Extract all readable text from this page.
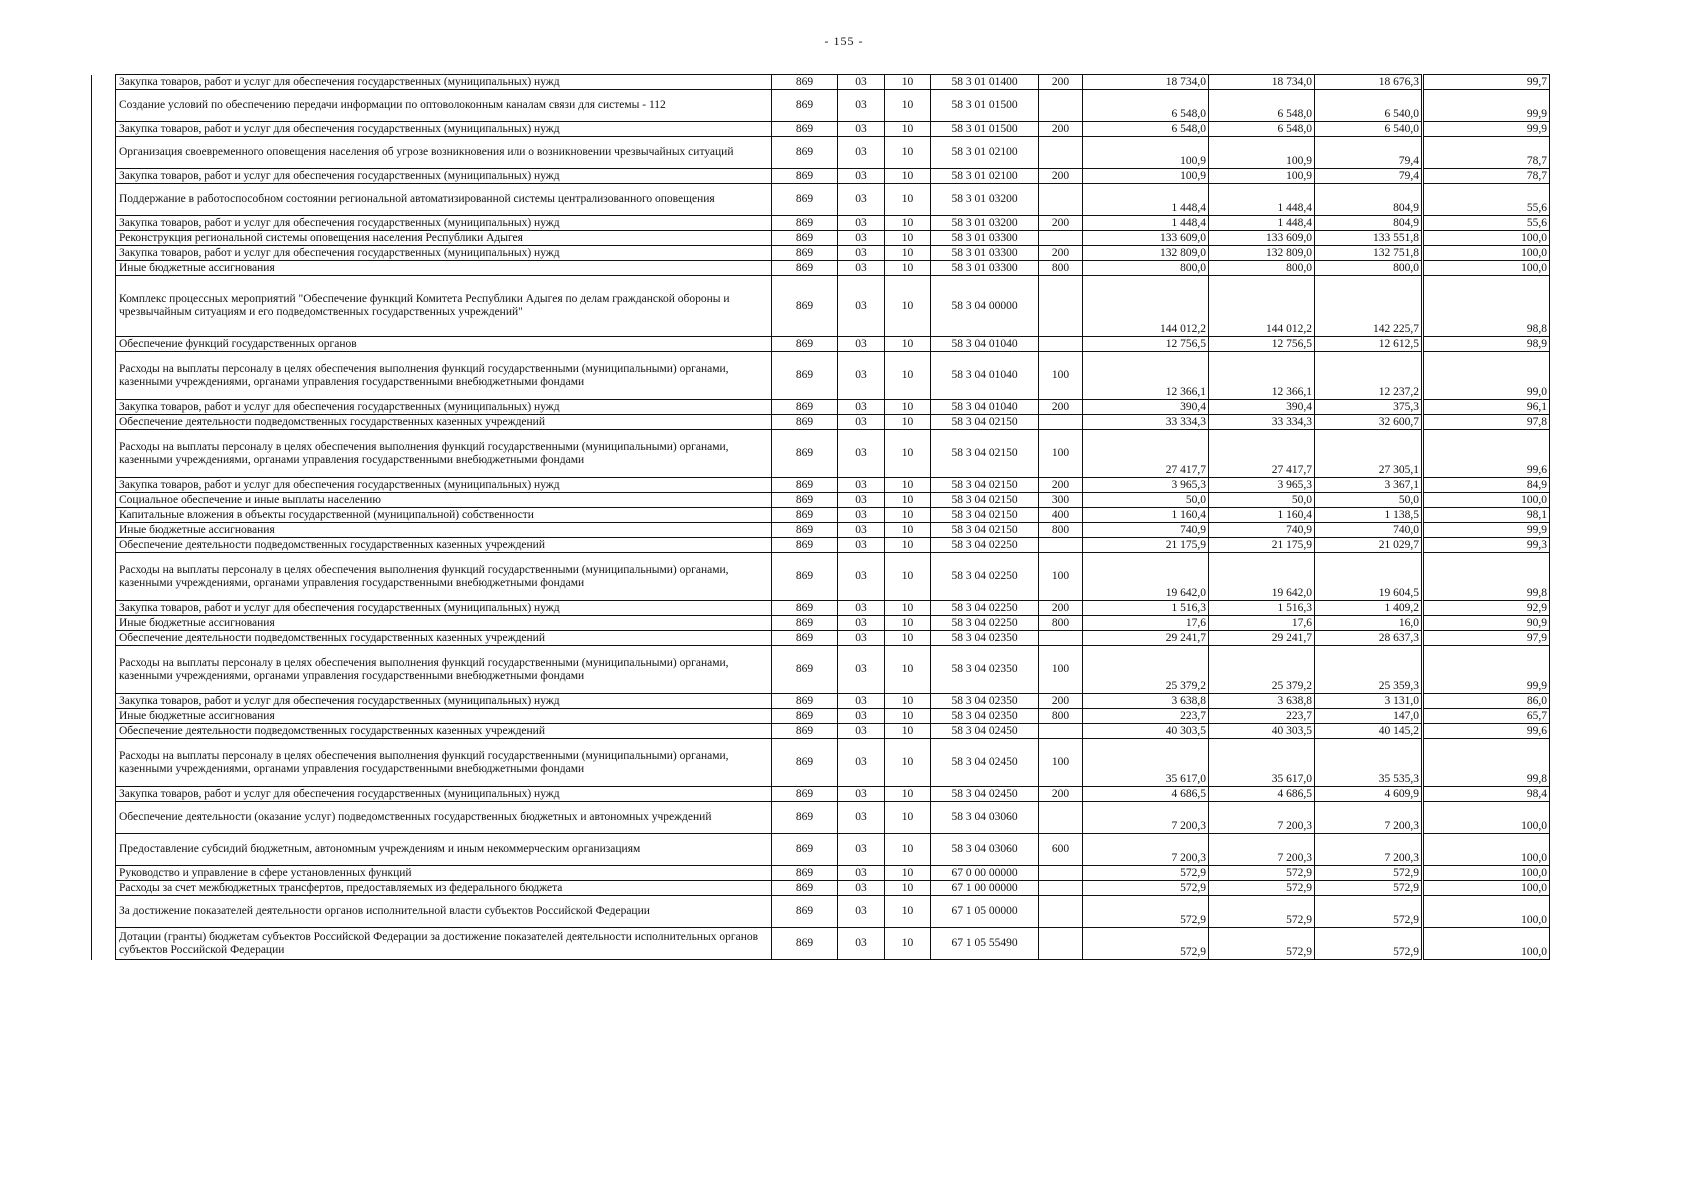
- 155 -
	Закупка товаров, работ и услуг для обеспечения государственных (муниципальных) нужд	869	03	10	58 3 01 01400	200	18 734,0	18 734,0	18 676,3	99,7
	Создание условий по обеспечению передачи информации по оптоволоконным каналам связи для системы - 112	869	03	10	58 3 01 01500		6 548,0	6 548,0	6 540,0	99,9
	Закупка товаров, работ и услуг для обеспечения государственных (муниципальных) нужд	869	03	10	58 3 01 01500	200	6 548,0	6 548,0	6 540,0	99,9
	Организация своевременного оповещения населения об угрозе возникновения или о возникновении чрезвычайных ситуаций	869	03	10	58 3 01 02100		100,9	100,9	79,4	78,7
	Закупка товаров, работ и услуг для обеспечения государственных (муниципальных) нужд	869	03	10	58 3 01 02100	200	100,9	100,9	79,4	78,7
	Поддержание в работоспособном состоянии региональной автоматизированной системы централизованного оповещения	869	03	10	58 3 01 03200		1 448,4	1 448,4	804,9	55,6
	Закупка товаров, работ и услуг для обеспечения государственных (муниципальных) нужд	869	03	10	58 3 01 03200	200	1 448,4	1 448,4	804,9	55,6
	Реконструкция региональной системы оповещения населения Республики Адыгея	869	03	10	58 3 01 03300		133 609,0	133 609,0	133 551,8	100,0
	Закупка товаров, работ и услуг для обеспечения государственных (муниципальных) нужд	869	03	10	58 3 01 03300	200	132 809,0	132 809,0	132 751,8	100,0
	Иные бюджетные ассигнования	869	03	10	58 3 01 03300	800	800,0	800,0	800,0	100,0
	Комплекс процессных мероприятий "Обеспечение функций Комитета Республики Адыгея по делам гражданской обороны и чрезвычайным ситуациям и его подведомственных государственных учреждений"	869	03	10	58 3 04 00000		144 012,2	144 012,2	142 225,7	98,8
	Обеспечение функций государственных органов	869	03	10	58 3 04 01040		12 756,5	12 756,5	12 612,5	98,9
	Расходы на выплаты персоналу в целях обеспечения выполнения функций государственными (муниципальными) органами, казенными учреждениями, органами управления государственными внебюджетными фондами	869	03	10	58 3 04 01040	100	12 366,1	12 366,1	12 237,2	99,0
	Закупка товаров, работ и услуг для обеспечения государственных (муниципальных) нужд	869	03	10	58 3 04 01040	200	390,4	390,4	375,3	96,1
	Обеспечение деятельности подведомственных государственных казенных учреждений	869	03	10	58 3 04 02150		33 334,3	33 334,3	32 600,7	97,8
	Расходы на выплаты персоналу в целях обеспечения выполнения функций государственными (муниципальными) органами, казенными учреждениями, органами управления государственными внебюджетными фондами	869	03	10	58 3 04 02150	100	27 417,7	27 417,7	27 305,1	99,6
	Закупка товаров, работ и услуг для обеспечения государственных (муниципальных) нужд	869	03	10	58 3 04 02150	200	3 965,3	3 965,3	3 367,1	84,9
	Социальное обеспечение и иные выплаты населению	869	03	10	58 3 04 02150	300	50,0	50,0	50,0	100,0
	Капитальные вложения в объекты государственной (муниципальной) собственности	869	03	10	58 3 04 02150	400	1 160,4	1 160,4	1 138,5	98,1
	Иные бюджетные ассигнования	869	03	10	58 3 04 02150	800	740,9	740,9	740,0	99,9
	Обеспечение деятельности подведомственных государственных казенных учреждений	869	03	10	58 3 04 02250		21 175,9	21 175,9	21 029,7	99,3
	Расходы на выплаты персоналу в целях обеспечения выполнения функций государственными (муниципальными) органами, казенными учреждениями, органами управления государственными внебюджетными фондами	869	03	10	58 3 04 02250	100	19 642,0	19 642,0	19 604,5	99,8
	Закупка товаров, работ и услуг для обеспечения государственных (муниципальных) нужд	869	03	10	58 3 04 02250	200	1 516,3	1 516,3	1 409,2	92,9
	Иные бюджетные ассигнования	869	03	10	58 3 04 02250	800	17,6	17,6	16,0	90,9
	Обеспечение деятельности подведомственных государственных казенных учреждений	869	03	10	58 3 04 02350		29 241,7	29 241,7	28 637,3	97,9
	Расходы на выплаты персоналу в целях обеспечения выполнения функций государственными (муниципальными) органами, казенными учреждениями, органами управления государственными внебюджетными фондами	869	03	10	58 3 04 02350	100	25 379,2	25 379,2	25 359,3	99,9
	Закупка товаров, работ и услуг для обеспечения государственных (муниципальных) нужд	869	03	10	58 3 04 02350	200	3 638,8	3 638,8	3 131,0	86,0
	Иные бюджетные ассигнования	869	03	10	58 3 04 02350	800	223,7	223,7	147,0	65,7
	Обеспечение деятельности подведомственных государственных казенных учреждений	869	03	10	58 3 04 02450		40 303,5	40 303,5	40 145,2	99,6
	Расходы на выплаты персоналу в целях обеспечения выполнения функций государственными (муниципальными) органами, казенными учреждениями, органами управления государственными внебюджетными фондами	869	03	10	58 3 04 02450	100	35 617,0	35 617,0	35 535,3	99,8
	Закупка товаров, работ и услуг для обеспечения государственных (муниципальных) нужд	869	03	10	58 3 04 02450	200	4 686,5	4 686,5	4 609,9	98,4
	Обеспечение деятельности (оказание услуг) подведомственных государственных бюджетных и автономных учреждений	869	03	10	58 3 04 03060		7 200,3	7 200,3	7 200,3	100,0
	Предоставление субсидий бюджетным, автономным учреждениям и иным некоммерческим организациям	869	03	10	58 3 04 03060	600	7 200,3	7 200,3	7 200,3	100,0
	Руководство и управление в сфере установленных функций	869	03	10	67 0 00 00000		572,9	572,9	572,9	100,0
	Расходы за счет межбюджетных трансфертов, предоставляемых из федерального бюджета	869	03	10	67 1 00 00000		572,9	572,9	572,9	100,0
	За достижение показателей деятельности органов исполнительной власти субъектов Российской Федерации	869	03	10	67 1 05 00000		572,9	572,9	572,9	100,0
	Дотации (гранты) бюджетам субъектов Российской Федерации за достижение показателей деятельности исполнительных органов субъектов Российской Федерации	869	03	10	67 1 05 55490		572,9	572,9	572,9	100,0
